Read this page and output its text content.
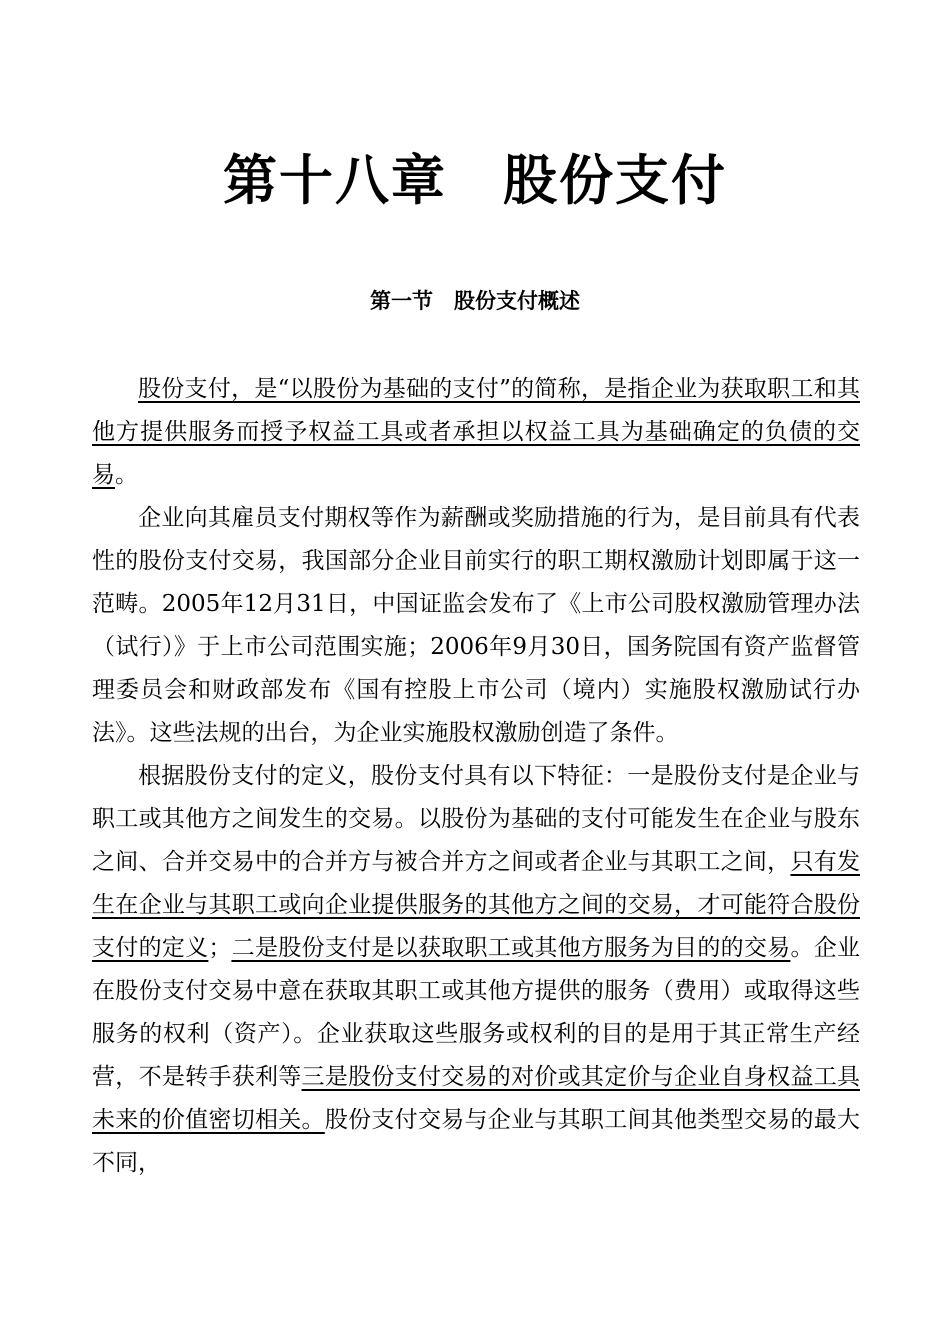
第十八章　股份支付
第一节　股份支付概述

股份支付，是“以股份为基础的支付”的简称，是指企业为获取职工和其他方提供服务而授予权益工具或者承担以权益工具为基础确定的负债的交易。

企业向其雇员支付期权等作为薪酬或奖励措施的行为，是目前具有代表性的股份支付交易，我国部分企业目前实行的职工期权激励计划即属于这一范畴。2005年12月31日，中国证监会发布了《上市公司股权激励管理办法（试行）》于上市公司范围实施；2006年9月30日，国务院国有资产监督管理委员会和财政部发布《国有控股上市公司（境内）实施股权激励试行办法》。这些法规的出台，为企业实施股权激励创造了条件。

根据股份支付的定义，股份支付具有以下特征：一是股份支付是企业与职工或其他方之间发生的交易。以股份为基础的支付可能发生在企业与股东之间、合并交易中的合并方与被合并方之间或者企业与其职工之间，只有发生在企业与其职工或向企业提供服务的其他方之间的交易，才可能符合股份支付的定义；二是股份支付是以获取职工或其他方服务为目的的交易。企业在股份支付交易中意在获取其职工或其他方提供的服务（费用）或取得这些服务的权利（资产）。企业获取这些服务或权利的目的是用于其正常生产经营，不是转手获利等三是股份支付交易的对价或其定价与企业自身权益工具未来的价值密切相关。股份支付交易与企业与其职工间其他类型交易的最大不同，
